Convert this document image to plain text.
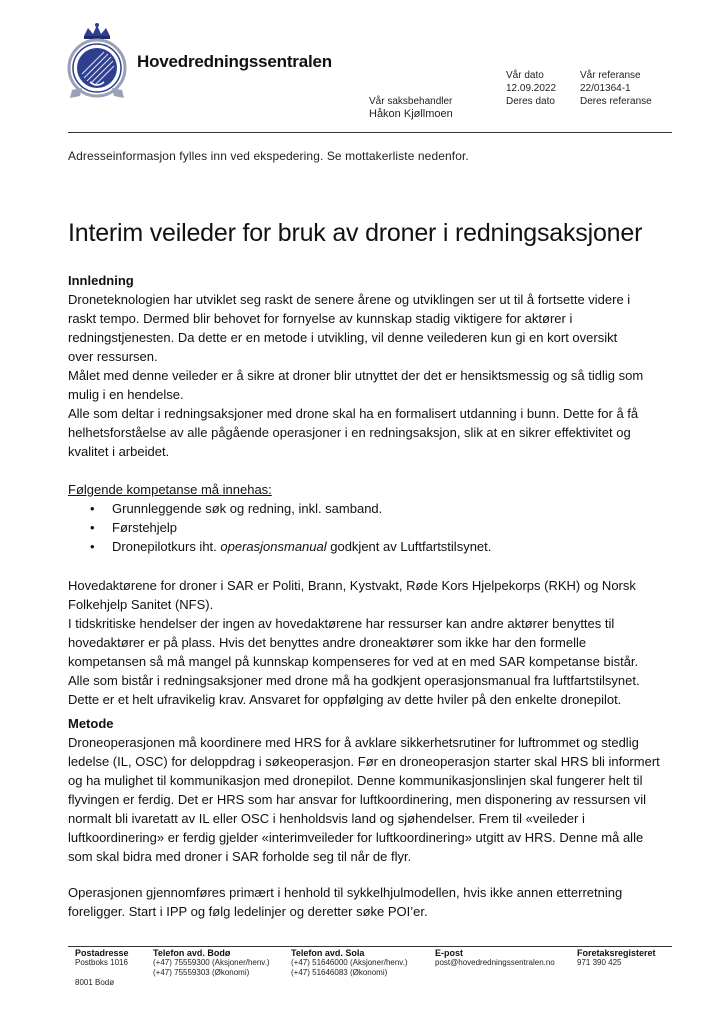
Hovedredningssentralen
Vår dato
12.09.2022
Vår referanse
22/01364-1
Vår saksbehandler
Håkon Kjøllmoen
Deres dato	Deres referanse
Adresseinformasjon fylles inn ved ekspedering. Se mottakerliste nedenfor.
Interim veileder for bruk av droner i redningsaksjoner

Innledning

Droneteknologien har utviklet seg raskt de senere årene og utviklingen ser ut til å fortsette videre i

raskt tempo. Dermed blir behovet for fornyelse av kunnskap stadig viktigere for aktører i

redningstjenesten. Da dette er en metode i utvikling, vil denne veilederen kun gi en kort oversikt

over ressursen.

Målet med denne veileder er å sikre at droner blir utnyttet der det er hensiktsmessig og så tidlig som

mulig i en hendelse.

Alle som deltar i redningsaksjoner med drone skal ha en formalisert utdanning i bunn. Dette for å få

helhetsforståelse av alle pågående operasjoner i en redningsaksjon, slik at en sikrer effektivitet og

kvalitet i arbeidet.

Følgende kompetanse må innehas:

• Grunnleggende søk og redning, inkl. samband.
• Førstehjelp
• Dronepilotkurs iht. operasjonsmanual godkjent av Luftfartstilsynet.

Hovedaktørene for droner i SAR er Politi, Brann, Kystvakt, Røde Kors Hjelpekorps (RKH) og Norsk

Folkehjelp Sanitet (NFS).

I tidskritiske hendelser der ingen av hovedaktørene har ressurser kan andre aktører benyttes til

hovedaktører er på plass. Hvis det benyttes andre droneaktører som ikke har den formelle

kompetansen så må mangel på kunnskap kompenseres for ved at en med SAR kompetanse bistår.

Alle som bistår i redningsaksjoner med drone må ha godkjent operasjonsmanual fra luftfartstilsynet.

Dette er et helt ufravikelig krav. Ansvaret for oppfølging av dette hviler på den enkelte dronepilot.

Metode

Droneoperasjonen må koordinere med HRS for å avklare sikkerhetsrutiner for luftrommet og stedlig

ledelse (IL, OSC) for deloppdrag i søkeoperasjon. Før en droneoperasjon starter skal HRS bli informert

og ha mulighet til kommunikasjon med dronepilot. Denne kommunikasjonslinjen skal fungerer helt til

flyvingen er ferdig. Det er HRS som har ansvar for luftkoordinering, men disponering av ressursen vil

normalt bli ivaretatt av IL eller OSC i henholdsvis land og sjøhendelser. Frem til «veileder i

luftkoordinering» er ferdig gjelder «interimveileder for luftkoordinering» utgitt av HRS. Denne må alle

som skal bidra med droner i SAR forholde seg til når de flyr.

Operasjonen gjennomføres primært i henhold til sykkelhjulmodellen, hvis ikke annen etterretning

foreligger. Start i IPP og følg ledelinjer og deretter søke POI’er.

Postadresse
Postboks 1016
8001 Bodø
Telefon avd. Bodø
(+47) 75559300 (Aksjoner/henv.)
(+47) 75559303 (Økonomi)
Telefon avd. Sola
(+47) 51646000 (Aksjoner/henv.)
(+47) 51646083 (Økonomi)
E-post
post@hovedredningssentralen.no
Foretaksregisteret
971 390 425
